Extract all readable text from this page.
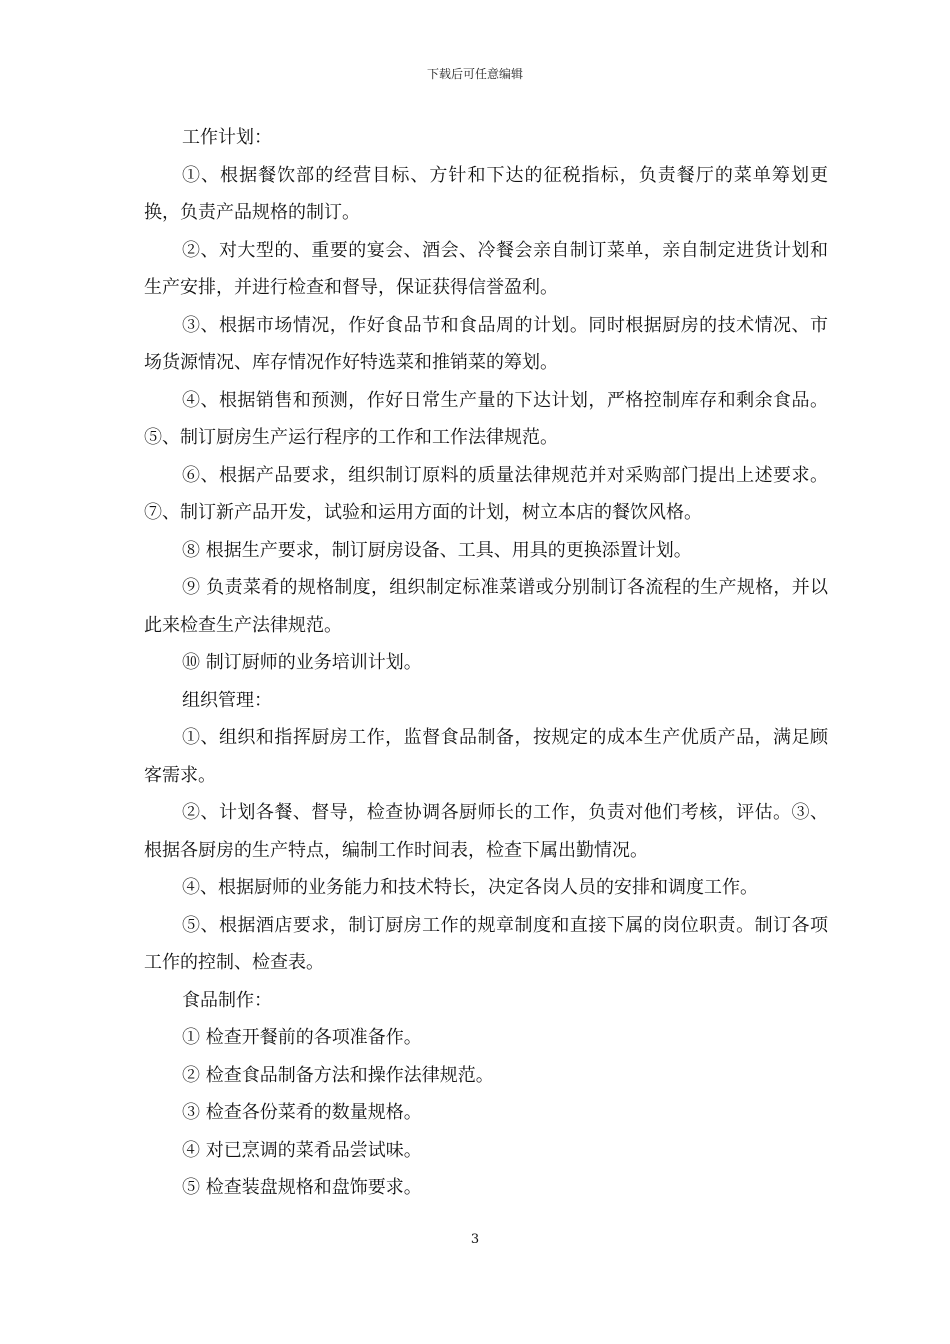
下载后可任意编辑

工作计划：

①、根据餐饮部的经营目标、方针和下达的征税指标，负责餐厅的菜单筹划更换，负责产品规格的制订。

②、对大型的、重要的宴会、酒会、冷餐会亲自制订菜单，亲自制定进货计划和生产安排，并进行检查和督导，保证获得信誉盈利。

③、根据市场情况，作好食品节和食品周的计划。同时根据厨房的技术情况、市场货源情况、库存情况作好特选菜和推销菜的筹划。

④、根据销售和预测，作好日常生产量的下达计划，严格控制库存和剩余食品。⑤、制订厨房生产运行程序的工作和工作法律规范。

⑥、根据产品要求，组织制订原料的质量法律规范并对采购部门提出上述要求。⑦、制订新产品开发，试验和运用方面的计划，树立本店的餐饮风格。

⑧ 根据生产要求，制订厨房设备、工具、用具的更换添置计划。

⑨ 负责菜肴的规格制度，组织制定标准菜谱或分别制订各流程的生产规格，并以此来检查生产法律规范。

⑩ 制订厨师的业务培训计划。

组织管理：

①、组织和指挥厨房工作，监督食品制备，按规定的成本生产优质产品，满足顾客需求。

②、计划各餐、督导，检查协调各厨师长的工作，负责对他们考核，评估。③、根据各厨房的生产特点，编制工作时间表，检查下属出勤情况。

④、根据厨师的业务能力和技术特长，决定各岗人员的安排和调度工作。

⑤、根据酒店要求，制订厨房工作的规章制度和直接下属的岗位职责。制订各项工作的控制、检查表。

食品制作：

① 检查开餐前的各项准备作。

② 检查食品制备方法和操作法律规范。

③ 检查各份菜肴的数量规格。

④ 对已烹调的菜肴品尝试味。

⑤ 检查装盘规格和盘饰要求。

3
